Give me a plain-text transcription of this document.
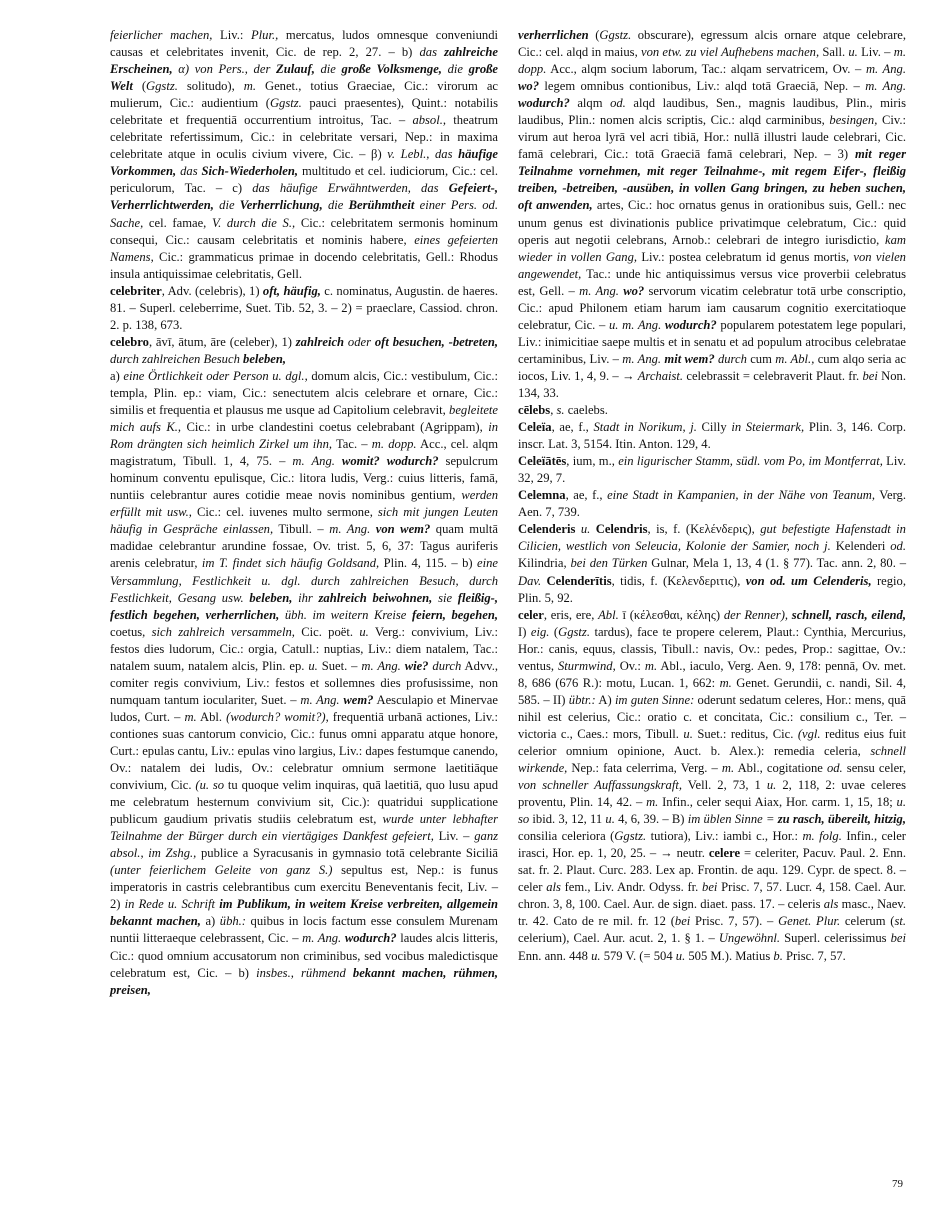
feierlicher machen, Liv.: Plur., mercatus, ludos omnesque conveniundi causas et celebritates invenit, Cic. de rep. 2, 27. – b) das zahlreiche Erscheinen, α) von Pers., der Zulauf, die große Volksmenge, die große Welt (Ggstz. solitudo), m. Genet., totius Graeciae, Cic.: virorum ac mulierum, Cic.: audientium (Ggstz. pauci praesentes), Quint.: notabilis celebritate et frequentiā occurrentium introitus, Tac. – absol., theatrum celebritate refertissimum, Cic.: in celebritate versari, Nep.: in maxima celebritate atque in oculis civium vivere, Cic. – β) v. Lebl., das häufige Vorkommen, das Sich-Wiederholen, multitudo et cel. iudiciorum, Cic.: cel. periculorum, Tac. – c) das häufige Erwähntwerden, das Gefeiert-, Verherrlichtwerden, die Verherrlichung, die Berühmtheit einer Pers. od. Sache, cel. famae, V. durch die S., Cic.: celebritatem sermonis hominum consequi, Cic.: causam celebritatis et nominis habere, eines gefeierten Namens, Cic.: grammaticus primae in docendo celebritatis, Gell.: Rhodus insula antiquissimae celebritatis, Gell.

celebriter, Adv. (celebris), 1) oft, häufig, c. nominatus, Augustin. de haeres. 81. – Superl. celeberrime, Suet. Tib. 52, 3. – 2) = praeclare, Cassiod. chron. 2. p. 138, 673.

celebro, āvī, ātum, āre (celeber), 1) zahlreich oder oft besuchen, -betreten, durch zahlreichen Besuch beleben,

a) eine Örtlichkeit oder Person u. dgl., domum alcis, Cic.: vestibulum, Cic.: templa, Plin. ep.: viam, Cic.: senectutem alcis celebrare et ornare, Cic.: similis et frequentia et plausus me usque ad Capitolium celebravit, begleitete mich aufs K., Cic.: in urbe clandestini coetus celebrabant (Agrippam), in Rom drängten sich heimlich Zirkel um ihn, Tac. – m. dopp. Acc., cel. alqm magistratum, Tibull. 1, 4, 75. – m. Ang. womit? wodurch? sepulcrum hominum conventu epulisque, Cic.: litora ludis, Verg.: cuius litteris, famā, nuntiis celebrantur aures cotidie meae novis nominibus gentium, werden erfüllt mit usw., Cic.: cel. iuvenes multo sermone, sich mit jungen Leuten häufig in Gespräche einlassen, Tibull. – m. Ang. von wem? quam multā madidae celebrantur arundine fossae, Ov. trist. 5, 6, 37: Tagus auriferis arenis celebratur, im T. findet sich häufig Goldsand, Plin. 4, 115. – b) eine Versammlung, Festlichkeit u. dgl. durch zahlreichen Besuch, durch Festlichkeit, Gesang usw. beleben, ihr zahlreich beiwohnen, sie fleißig-, festlich begehen, verherrlichen, übh. im weitern Kreise feiern, begehen, coetus, sich zahlreich versammeln, Cic. poët. u. Verg.: convivium, Liv.: festos dies ludorum, Cic.: orgia, Catull.: nuptias, Liv.: diem natalem, Tac.: natalem suum, natalem alcis, Plin. ep. u. Suet. – m. Ang. wie? durch Advv., comiter regis convivium, Liv.: festos et sollemnes dies profusissime, non numquam tantum ioculariter, Suet. – m. Ang. wem? Aesculapio et Minervae ludos, Curt. – m. Abl. (wodurch? womit?), frequentiā urbanā actiones, Liv.: contiones suas cantorum convicio, Cic.: funus omni apparatu atque honore, Curt.: epulas cantu, Liv.: epulas vino largius, Liv.: dapes festumque canendo, Ov.: natalem dei ludis, Ov.: celebratur omnium sermone laetitiāque convivium, Cic. (u. so tu quoque velim inquiras, quā laetitiā, quo lusu apud me celebratum hesternum convivium sit, Cic.): quatridui supplicatione publicum gaudium privatis studiis celebratum est, wurde unter lebhafter Teilnahme der Bürger durch ein viertägiges Dankfest gefeiert, Liv. – ganz absol., im Zshg., publice a Syracusanis in gymnasio totā celebrante Siciliā (unter feierlichem Geleite von ganz S.) sepultus est, Nep.: is funus imperatoris in castris celebrantibus cum exercitu Beneventanis fecit, Liv. – 2) in Rede u. Schrift im Publikum, in weitem Kreise verbreiten, allgemein bekannt machen, a) übh.: quibus in locis factum esse consulem Murenam nuntii litteraeque celebrassent, Cic. – m. Ang. wodurch? laudes alcis litteris, Cic.: quod omnium accusatorum non criminibus, sed vocibus maledictisque celebratum est, Cic. – b) insbes., rühmend bekannt machen, rühmen, preisen,

verherrlichen (Ggstz. obscurare), egressum alcis ornare atque celebrare, Cic.: cel. alqd in maius, von etw. zu viel Aufhebens machen, Sall. u. Liv. – m. dopp. Acc., alqm socium laborum, Tac.: alqam servatricem, Ov. – m. Ang. wo? legem omnibus contionibus, Liv.: alqd totā Graeciā, Nep. – m. Ang. wodurch? alqm od. alqd laudibus, Sen., magnis laudibus, Plin., miris laudibus, Plin.: nomen alcis scriptis, Cic.: alqd carminibus, besingen, Civ.: virum aut heroa lyrā vel acri tibiā, Hor.: nullā illustri laude celebrari, Cic. famā celebrari, Cic.: totā Graeciā famā celebrari, Nep. – 3) mit reger Teilnahme vornehmen, mit reger Teilnahme-, mit regem Eifer-, fleißig treiben, -betreiben, -ausüben, in vollen Gang bringen, zu heben suchen, oft anwenden, artes, Cic.: hoc ornatus genus in orationibus suis, Gell.: nec unum genus est divinationis publice privatimque celebratum, Cic.: quid operis aut negotii celebrans, Arnob.: celebrari de integro iurisdictio, kam wieder in vollen Gang, Liv.: postea celebratum id genus mortis, von vielen angewendet, Tac.: unde hic antiquissimus versus vice proverbii celebratus est, Gell. – m. Ang. wo? servorum vicatim celebratur totā urbe conscriptio, Cic.: apud Philonem etiam harum iam causarum cognitio exercitatioque celebratur, Cic. – u. m. Ang. wodurch? popularem potestatem lege populari, Liv.: inimicitiae saepe multis et in senatu et ad populum atrocibus celebratae certaminibus, Liv. – m. Ang. mit wem? durch cum m. Abl., cum alqo seria ac iocos, Liv. 1, 4, 9. – → Archaist. celebrassit = celebraverit Plaut. fr. bei Non. 134, 33.

cēlebs, s. caelebs.

Celeïa, ae, f., Stadt in Norikum, j. Cilly in Steiermark, Plin. 3, 146. Corp. inscr. Lat. 3, 5154. Itin. Anton. 129, 4.

Celeïātēs, ium, m., ein ligurischer Stamm, südl. vom Po, im Montferrat, Liv. 32, 29, 7.

Celemna, ae, f., eine Stadt in Kampanien, in der Nähe von Teanum, Verg. Aen. 7, 739.

Celenderis u. Celendris, is, f. (Κελένδερις), gut befestigte Hafenstadt in Cilicien, westlich von Seleucia, Kolonie der Samier, noch j. Kelenderi od. Kilindria, bei den Türken Gulnar, Mela 1, 13, 4 (1. § 77). Tac. ann. 2, 80. – Dav. Celenderītis, tidis, f. (Κελενδεριτις), von od. um Celenderis, regio, Plin. 5, 92.

celer, eris, ere, Abl. ī (κέλεσθαι, κέλης) der Renner), schnell, rasch, eilend, I) eig. (Ggstz. tardus), face te propere celerem, Plaut.: Cynthia, Mercurius, Hor.: canis, equus, classis, Tibull.: navis, Ov.: pedes, Prop.: sagittae, Ov.: ventus, Sturmwind, Ov.: m. Abl., iaculo, Verg. Aen. 9, 178: pennā, Ov. met. 8, 686 (676 R.): motu, Lucan. 1, 662: m. Genet. Gerundii, c. nandi, Sil. 4, 585. – II) übtr.: A) im guten Sinne: oderunt sedatum celeres, Hor.: mens, quā nihil est celerius, Cic.: oratio c. et concitata, Cic.: consilium c., Ter. – victoria c., Caes.: mors, Tibull. u. Suet.: reditus, Cic. (vgl. reditus eius fuit celerior omnium opinione, Auct. b. Alex.): remedia celeria, schnell wirkende, Nep.: fata celerrima, Verg. – m. Abl., cogitatione od. sensu celer, von schneller Auffassungskraft, Vell. 2, 73, 1 u. 2, 118, 2: uvae celeres proventu, Plin. 14, 42. – m. Infin., celer sequi Aiax, Hor. carm. 1, 15, 18; u. so ibid. 3, 12, 11 u. 4, 6, 39. – B) im üblen Sinne = zu rasch, übereilt, hitzig, consilia celeriora (Ggstz. tutiora), Liv.: iambi c., Hor.: m. folg. Infin., celer irasci, Hor. ep. 1, 20, 25. – → neutr. celere = celeriter, Pacuv. Paul. 2. Enn. sat. fr. 2. Plaut. Curc. 283. Lex ap. Frontin. de aqu. 129. Cypr. de spect. 8. – celer als fem., Liv. Andr. Odyss. fr. bei Prisc. 7, 57. Lucr. 4, 158. Cael. Aur. chron. 3, 8, 100. Cael. Aur. de sign. diaet. pass. 17. – celeris als masc., Naev. tr. 42. Cato de re mil. fr. 12 (bei Prisc. 7, 57). – Genet. Plur. celerum (st. celerium), Cael. Aur. acut. 2, 1. § 1. – Ungewöhnl. Superl. celerissimus bei Enn. ann. 448 u. 579 V. (= 504 u. 505 M.). Matius b. Prisc. 7, 57.

79
